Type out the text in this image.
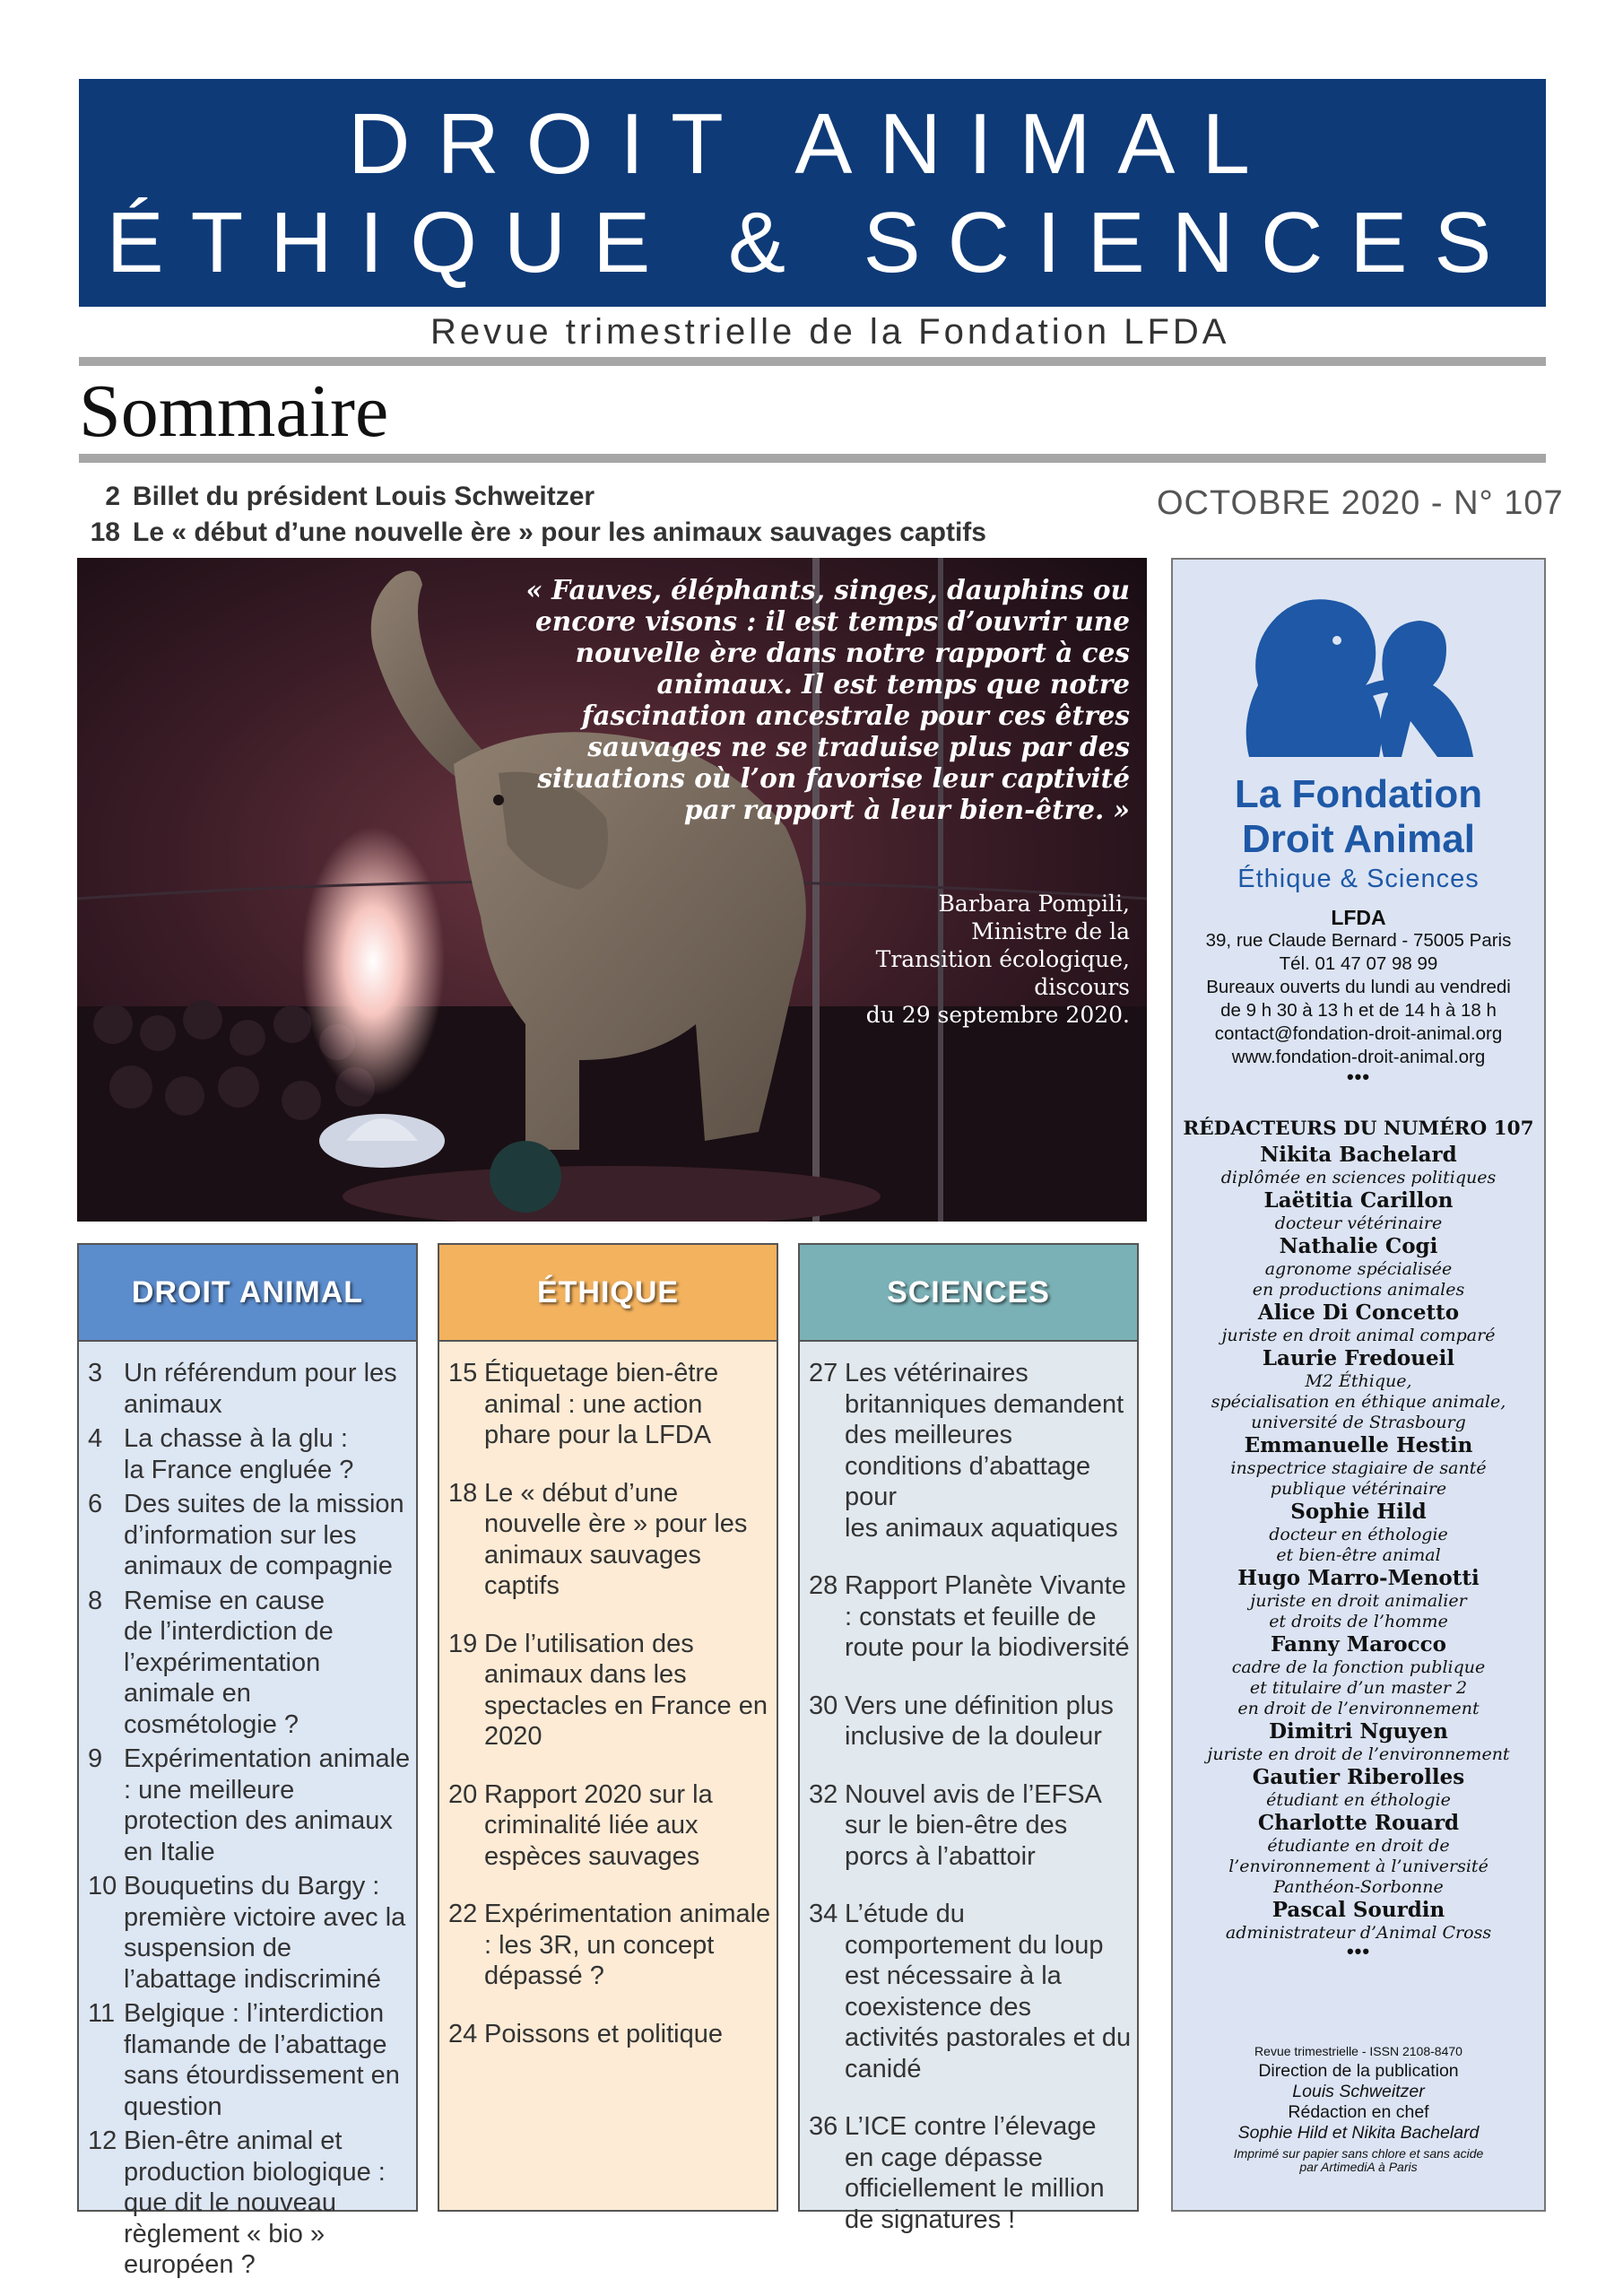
DROIT ANIMAL
ÉTHIQUE & SCIENCES
Revue trimestrielle de la Fondation LFDA
Sommaire
2 Billet du président Louis Schweitzer
18 Le « début d’une nouvelle ère » pour les animaux sauvages captifs
OCTOBRE 2020 - N° 107
« Fauves, éléphants, singes, dauphins ou encore visons : il est temps d’ouvrir une nouvelle ère dans notre rapport à ces animaux. Il est temps que notre fascination ancestrale pour ces êtres sauvages ne se traduise plus par des situations où l’on favorise leur captivité par rapport à leur bien-être. »
Barbara Pompili,
Ministre de la
Transition écologique,
discours
du 29 septembre 2020.
DROIT ANIMAL
3 Un référendum pour les animaux
4 La chasse à la glu :
la France engluée ?
6 Des suites de la mission d’information sur les animaux de compagnie
8 Remise en cause
de l’interdiction de l’expérimentation animale en cosmétologie ?
9 Expérimentation animale : une meilleure protection des animaux en Italie
10 Bouquetins du Bargy : première victoire avec la suspension de l’abattage indiscriminé
11 Belgique : l’interdiction flamande de l’abattage sans étourdissement en question
12 Bien-être animal et production biologique : que dit le nouveau règlement « bio » européen ?
ÉTHIQUE
15 Étiquetage bien-être animal : une action phare pour la LFDA
18 Le « début d’une nouvelle ère » pour les animaux sauvages captifs
19 De l’utilisation des animaux dans les spectacles en France en 2020
20 Rapport 2020 sur la criminalité liée aux espèces sauvages
22 Expérimentation animale : les 3R, un concept dépassé ?
24 Poissons et politique
SCIENCES
27 Les vétérinaires britanniques demandent des meilleures conditions d’abattage pour
les animaux aquatiques
28 Rapport Planète Vivante : constats et feuille de route pour la biodiversité
30 Vers une définition plus inclusive de la douleur
32 Nouvel avis de l’EFSA sur le bien-être des porcs à l’abattoir
34 L’étude du comportement du loup est nécessaire à la coexistence des activités pastorales et du canidé
36 L’ICE contre l’élevage
en cage dépasse officiellement le million de signatures !
La Fondation
Droit Animal
Éthique & Sciences
LFDA
39, rue Claude Bernard - 75005 Paris
Tél. 01 47 07 98 99
Bureaux ouverts du lundi au vendredi
de 9 h 30 à 13 h et de 14 h à 18 h
contact@fondation-droit-animal.org
www.fondation-droit-animal.org
•••
RÉDACTEURS DU NUMÉRO 107
Nikita Bachelard
diplômée en sciences politiques
Laëtitia Carillon
docteur vétérinaire
Nathalie Cogi
agronome spécialisée
en productions animales
Alice Di Concetto
juriste en droit animal comparé
Laurie Fredoueil
M2 Éthique,
spécialisation en éthique animale,
université de Strasbourg
Emmanuelle Hestin
inspectrice stagiaire de santé
publique vétérinaire
Sophie Hild
docteur en éthologie
et bien-être animal
Hugo Marro-Menotti
juriste en droit animalier
et droits de l’homme
Fanny Marocco
cadre de la fonction publique
et titulaire d’un master 2
en droit de l’environnement
Dimitri Nguyen
juriste en droit de l’environnement
Gautier Riberolles
étudiant en éthologie
Charlotte Rouard
étudiante en droit de
l’environnement à l’université
Panthéon-Sorbonne
Pascal Sourdin
administrateur d’Animal Cross
•••
Revue trimestrielle - ISSN 2108-8470
Direction de la publication
Louis Schweitzer
Rédaction en chef
Sophie Hild et Nikita Bachelard
Imprimé sur papier sans chlore et sans acide
par ArtimediA à Paris
